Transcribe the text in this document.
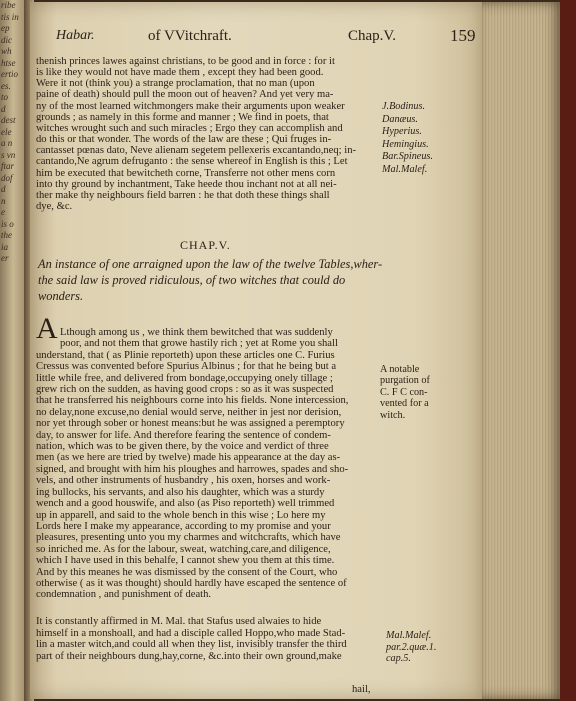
ribe
tis in
ep
dic
wh
htse
ertio
es.
to
d
dest
ele
a n
s vn
ftar
dof
d
n
e
is o
the
ia
er
Habar.	of VVitchraft.	Chap.V.	159
thenish princes lawes against christians, to be good and in force : for it
is like they would not have made them , except they had been good.
Were it not (think you) a strange proclamation, that no man (upon
paine of death) should pull the moon out of heaven? And yet very ma-
ny of the most learned witchmongers make their arguments upon weaker
grounds ; as namely in this forme and manner ; We find in poets, that
witches wrought such and such miracles ; Ergo they can accomplish and
do this or that wonder. The words of the law are these ; Qui fruges in-
cantasset pœnas dato, Neve alienam segetem pellexeris excantando,neq; in-
cantando,Ne agrum defruganto : the sense whereof in English is this ; Let
him be executed that bewitcheth corne, Transferre not other mens corn
into thy ground by inchantment, Take heede thou inchant not at all nei-
ther make thy neighbours field barren : he that doth these things shall
dye, &c.
J.Bodinus.
Danæus.
Hyperius.
Hemingius.
Bar.Spineus.
Mal.Malef.
CHAP.V.
An instance of one arraigned upon the law of the twelve Tables,wher-
the said law is proved ridiculous, of two witches that could do
wonders.
A Lthough among us , we think them bewitched that was suddenly
poor, and not them that growe hastily rich ; yet at Rome you shall
understand, that ( as Plinie reporteth) upon these articles one C. Furius
Cressus was convented before Spurius Albinus ; for that he being but a
little while free, and delivered from bondage,occupying onely tillage ;
grew rich on the sudden, as having good crops : so as it was suspected
that he transferred his neighbours corne into his fields. None intercession,
no delay,none excuse,no denial would serve, neither in jest nor derision,
nor yet through sober or honest means:but he was assigned a peremptory
day, to answer for life. And therefore fearing the sentence of condem-
nation, which was to be given there, by the voice and verdict of three
men (as we here are tried by twelve) made his appearance at the day as-
signed, and brought with him his ploughes and harrowes, spades and sho-
vels, and other instruments of husbandry , his oxen, horses and work-
ing bullocks, his servants, and also his daughter, which was a sturdy
wench and a good houswife, and also (as Piso reporteth) well trimmed
up in apparell, and said to the whole bench in this wise ; Lo here my
Lords here I make my appearance, according to my promise and your
pleasures, presenting unto you my charmes and witchcrafts, which have
so inriched me. As for the labour, sweat, watching,care,and diligence,
which I have used in this behalfe, I cannot shew you them at this time.
And by this meanes he was dismissed by the consent of the Court, who
otherwise ( as it was thought) should hardly have escaped the sentence of
condemnation , and punishment of death.
A notable
purgation of
C. F C con-
vented for a
witch.
It is constantly affirmed in M. Mal. that Stafus used alwaies to hide
himself in a monshoall, and had a disciple called Hoppo,who made Stad-
lin a master witch,and could all when they list, invisibly transfer the third
part of their neighbours dung,hay,corne, &c.into their own ground,make
Mal.Malef.
par.2.quæ.1.
cap.5.
hail,
